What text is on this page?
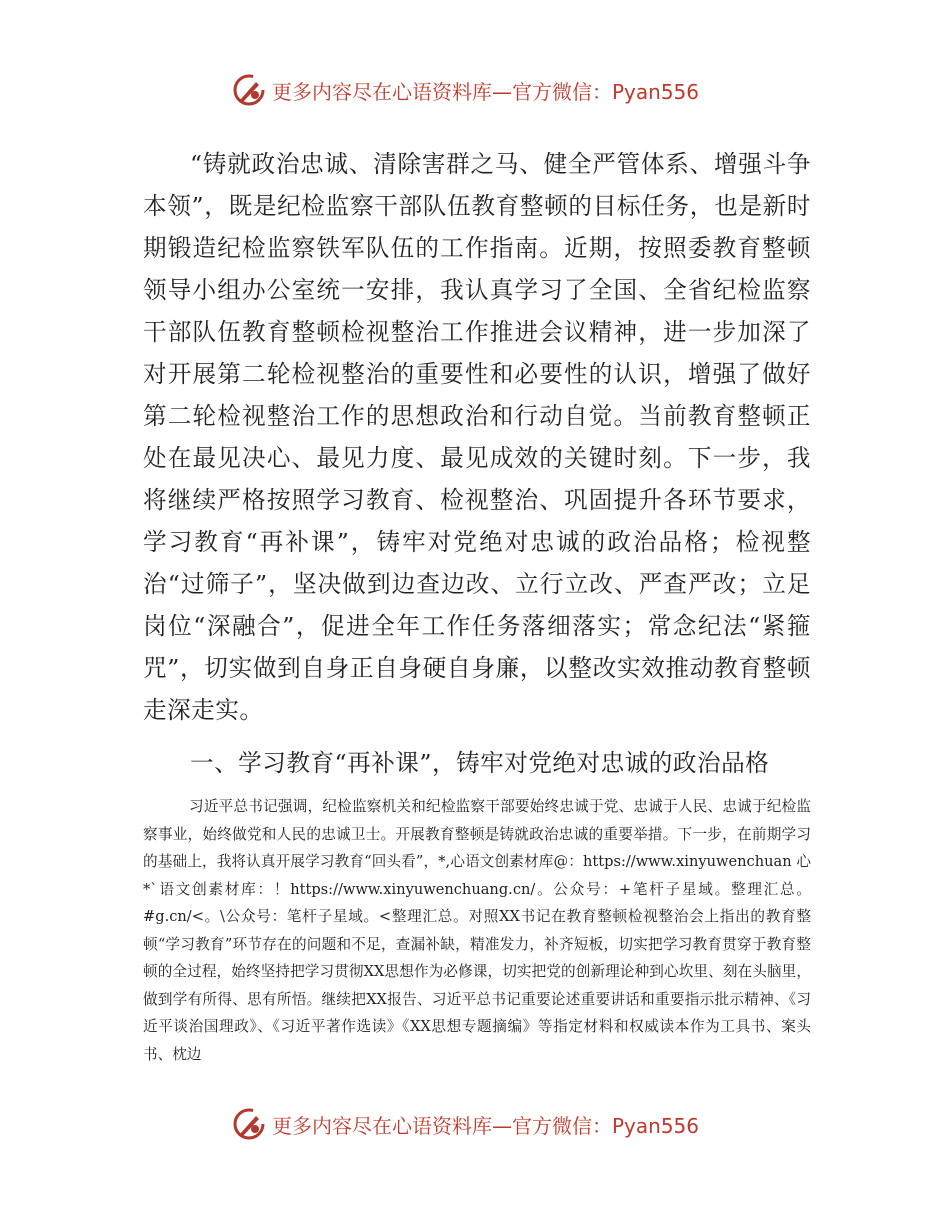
更多内容尽在心语资料库—官方微信：Pyan556

“铸就政治忠诚、清除害群之马、健全严管体系、增强斗争本领”，既是纪检监察干部队伍教育整顿的目标任务，也是新时期锻造纪检监察铁军队伍的工作指南。近期，按照委教育整顿领导小组办公室统一安排，我认真学习了全国、全省纪检监察干部队伍教育整顿检视整治工作推进会议精神，进一步加深了对开展第二轮检视整治的重要性和必要性的认识，增强了做好第二轮检视整治工作的思想政治和行动自觉。当前教育整顿正处在最见决心、最见力度、最见成效的关键时刻。下一步，我将继续严格按照学习教育、检视整治、巩固提升各环节要求，学习教育“再补课”，铸牢对党绝对忠诚的政治品格；检视整治“过筛子”，坚决做到边查边改、立行立改、严查严改；立足岗位“深融合”，促进全年工作任务落细落实；常念纪法“紧箍咒”，切实做到自身正自身硬自身廉，以整改实效推动教育整顿走深走实。

一、学习教育“再补课”，铸牢对党绝对忠诚的政治品格

习近平总书记强调，纪检监察机关和纪检监察干部要始终忠诚于党、忠诚于人民、忠诚于纪检监察事业，始终做党和人民的忠诚卫士。开展教育整顿是铸就政治忠诚的重要举措。下一步，在前期学习的基础上，我将认真开展学习教育“回头看”，*,心语文创素材库@：https://www.xinyuwenchuan 心*`语文创素材库：！https://www.xinyuwenchuang.cn/。公众号：+笔杆子星域。整理汇总。#g.cn/<。\公众号：笔杆子星域。<整理汇总。对照XX书记在教育整顿检视整治会上指出的教育整顿“学习教育”环节存在的问题和不足，查漏补缺，精准发力，补齐短板，切实把学习教育贯穿于教育整顿的全过程，始终坚持把学习贯彻XX思想作为必修课，切实把党的创新理论种到心坎里、刻在头脑里，做到学有所得、思有所悟。继续把XX报告、习近平总书记重要论述重要讲话和重要指示批示精神、《习近平谈治国理政》、《习近平著作选读》《XX思想专题摘编》等指定材料和权威读本作为工具书、案头书、枕边

更多内容尽在心语资料库—官方微信：Pyan556
